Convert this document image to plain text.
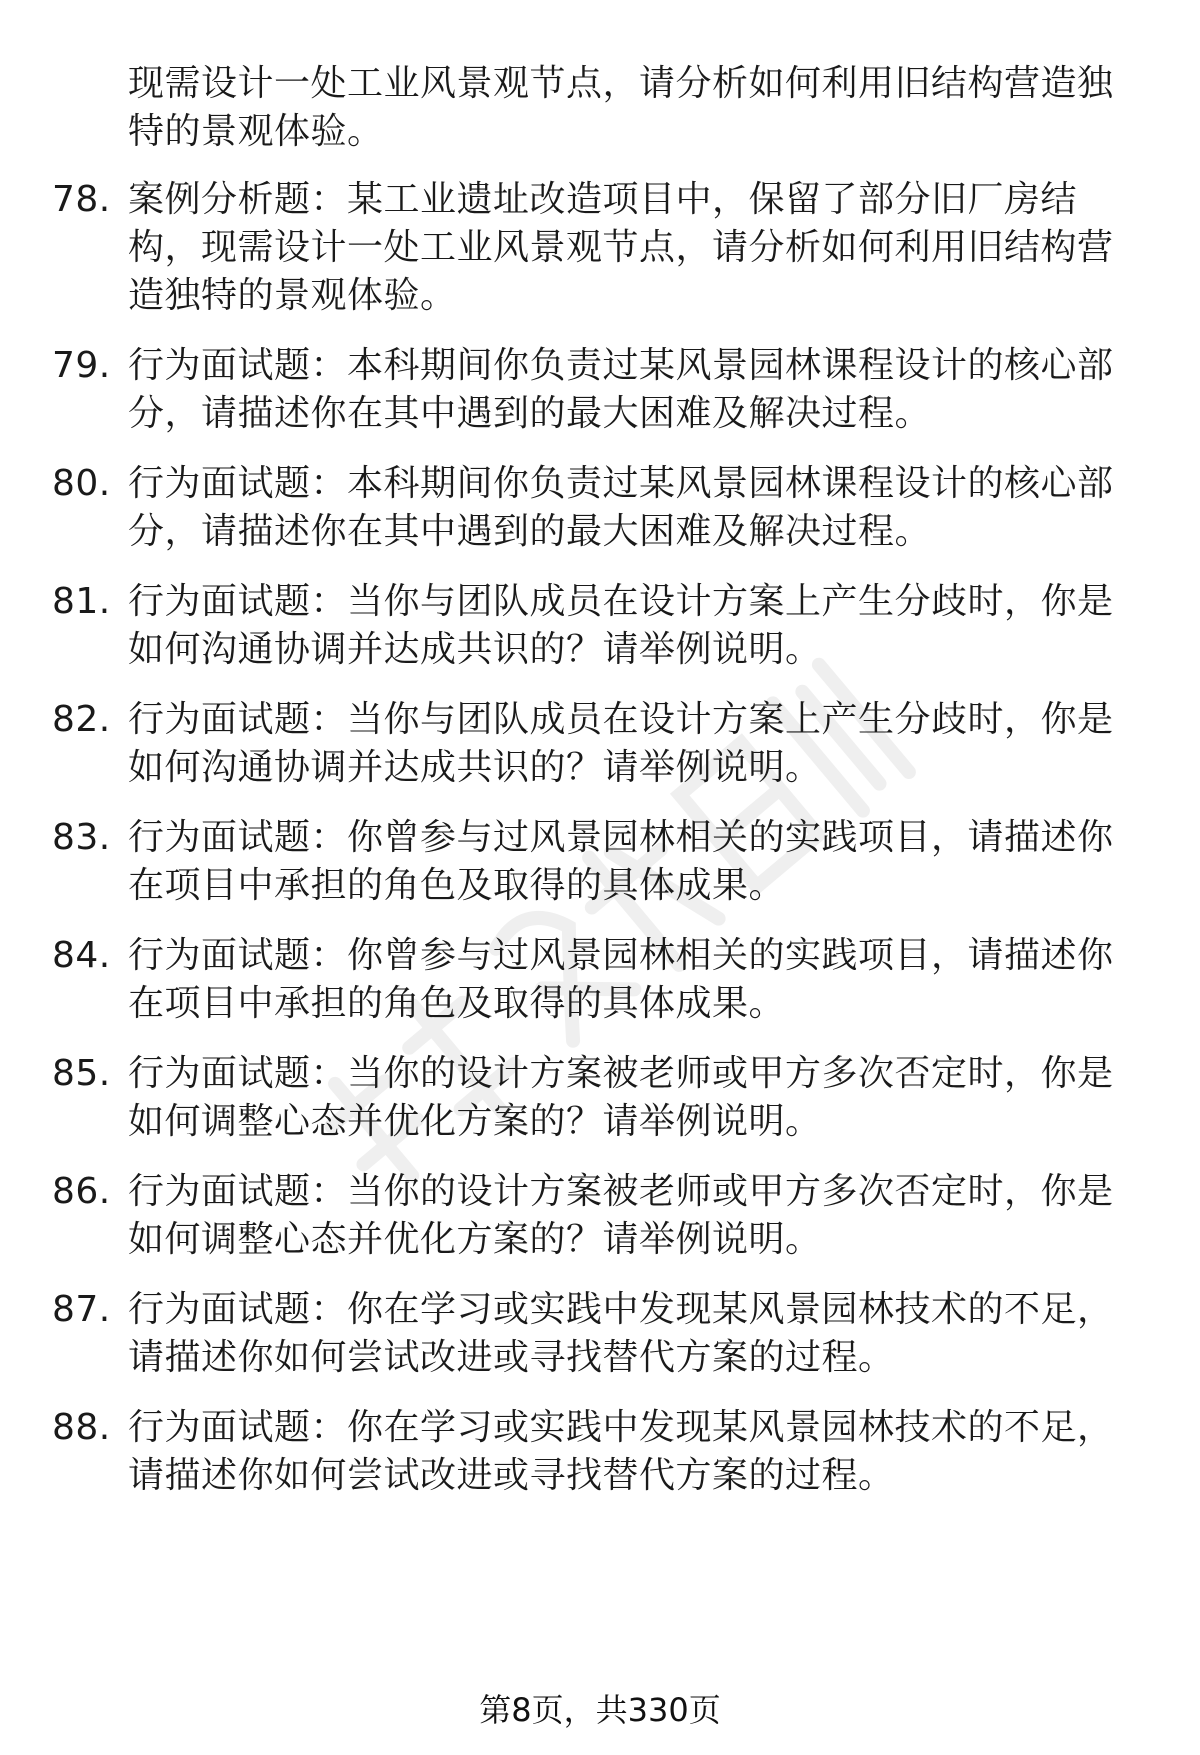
现需设计一处工业风景观节点，请分析如何利用旧结构营造独特的景观体验。
78. 案例分析题：某工业遗址改造项目中，保留了部分旧厂房结构，现需设计一处工业风景观节点，请分析如何利用旧结构营造独特的景观体验。
79. 行为面试题：本科期间你负责过某风景园林课程设计的核心部分，请描述你在其中遇到的最大困难及解决过程。
80. 行为面试题：本科期间你负责过某风景园林课程设计的核心部分，请描述你在其中遇到的最大困难及解决过程。
81. 行为面试题：当你与团队成员在设计方案上产生分歧时，你是如何沟通协调并达成共识的？请举例说明。
82. 行为面试题：当你与团队成员在设计方案上产生分歧时，你是如何沟通协调并达成共识的？请举例说明。
83. 行为面试题：你曾参与过风景园林相关的实践项目，请描述你在项目中承担的角色及取得的具体成果。
84. 行为面试题：你曾参与过风景园林相关的实践项目，请描述你在项目中承担的角色及取得的具体成果。
85. 行为面试题：当你的设计方案被老师或甲方多次否定时，你是如何调整心态并优化方案的？请举例说明。
86. 行为面试题：当你的设计方案被老师或甲方多次否定时，你是如何调整心态并优化方案的？请举例说明。
87. 行为面试题：你在学习或实践中发现某风景园林技术的不足，请描述你如何尝试改进或寻找替代方案的过程。
88. 行为面试题：你在学习或实践中发现某风景园林技术的不足，请描述你如何尝试改进或寻找替代方案的过程。
第8页，共330页
